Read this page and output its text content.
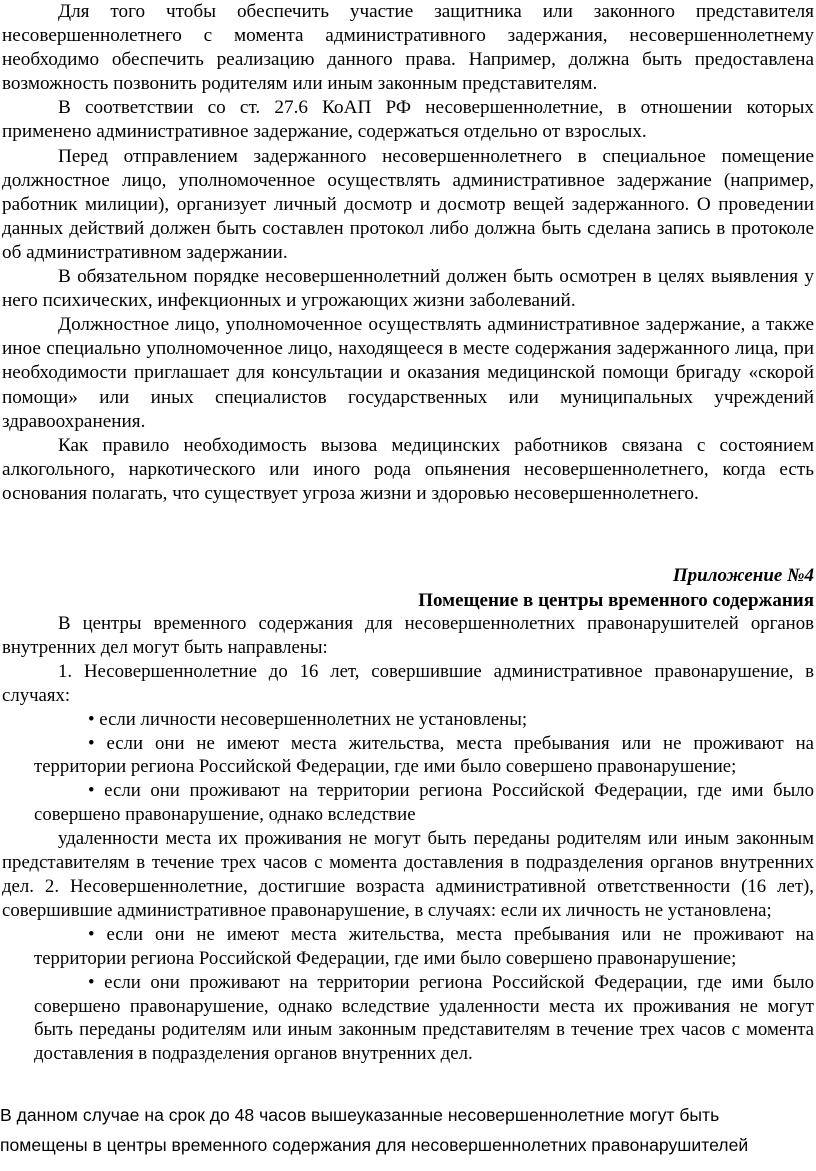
Для того чтобы обеспечить участие защитника или законного представителя несовершеннолетнего с момента административного задержания, несовершеннолетнему необходимо обеспечить реализацию данного права. Например, должна быть предоставлена возможность позвонить родителям или иным законным представителям.

В соответствии со ст. 27.6 КоАП РФ несовершеннолетние, в отношении которых применено административное задержание, содержаться отдельно от взрослых.

Перед отправлением задержанного несовершеннолетнего в специальное помещение должностное лицо, уполномоченное осуществлять административное задержание (например, работник милиции), организует личный досмотр и досмотр вещей задержанного. О проведении данных действий должен быть составлен протокол либо должна быть сделана запись в протоколе об административном задержании.

В обязательном порядке несовершеннолетний должен быть осмотрен в целях выявления у него психических, инфекционных и угрожающих жизни заболеваний.

Должностное лицо, уполномоченное осуществлять административное задержание, а также иное специально уполномоченное лицо, находящееся в месте содержания задержанного лица, при необходимости приглашает для консультации и оказания медицинской помощи бригаду «скорой помощи» или иных специалистов государственных или муниципальных учреждений здравоохранения.

Как правило необходимость вызова медицинских работников связана с состоянием алкогольного, наркотического или иного рода опьянения несовершеннолетнего, когда есть основания полагать, что существует угроза жизни и здоровью несовершеннолетнего.

Приложение №4
Помещение в центры временного содержания

В центры временного содержания для несовершеннолетних правонарушителей органов внутренних дел могут быть направлены:

1. Несовершеннолетние до 16 лет, совершившие административное правонарушение, в случаях:

• если личности несовершеннолетних не установлены;

• если они не имеют места жительства, места пребывания или не проживают на территории региона Российской Федерации, где ими было совершено правонарушение;

• если они проживают на территории региона Российской Федерации, где ими было совершено правонарушение, однако вследствие

удаленности места их проживания не могут быть переданы родителям или иным законным представителям в течение трех часов с момента доставления в подразделения органов внутренних дел. 2. Несовершеннолетние, достигшие возраста административной ответственности (16 лет), совершившие административное правонарушение, в случаях: если их личность не установлена;

• если они не имеют места жительства, места пребывания или не проживают на территории региона Российской Федерации, где ими было совершено правонарушение;

• если они проживают на территории региона Российской Федерации, где ими было совершено правонарушение, однако вследствие удаленности места их проживания не могут быть переданы родителям или иным законным представителям в течение трех часов с момента доставления в подразделения органов внутренних дел.

В данном случае на срок до 48 часов вышеуказанные несовершеннолетние могут быть

помещены в центры временного содержания для несовершеннолетних правонарушителей
